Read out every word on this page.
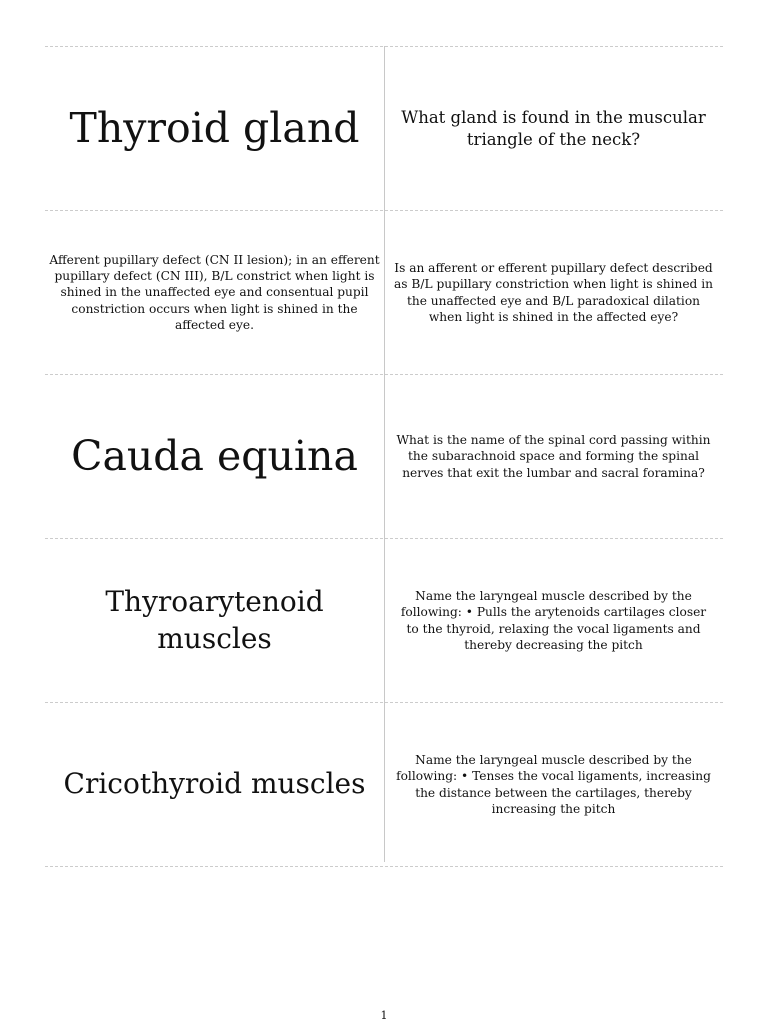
Thyroid gland	What gland is found in the muscular triangle of the neck?
Afferent pupillary defect (CN II lesion); in an efferent pupillary defect (CN III), B/L constrict when light is shined in the unaffected eye and consentual pupil constriction occurs when light is shined in the affected eye.
Is an afferent or efferent pupillary defect described as B/L pupillary constriction when light is shined in the unaffected eye and B/L paradoxical dilation when light is shined in the affected eye?
Cauda equina	What is the name of the spinal cord passing within the subarachnoid space and forming the spinal nerves that exit the lumbar and sacral foramina?
Thyroarytenoid muscles
Name the laryngeal muscle described by the following: • Pulls the arytenoids cartilages closer to the thyroid, relaxing the vocal ligaments and thereby decreasing the pitch
Cricothyroid muscles
Name the laryngeal muscle described by the following: • Tenses the vocal ligaments, increasing the distance between the cartilages, thereby increasing the pitch
1
